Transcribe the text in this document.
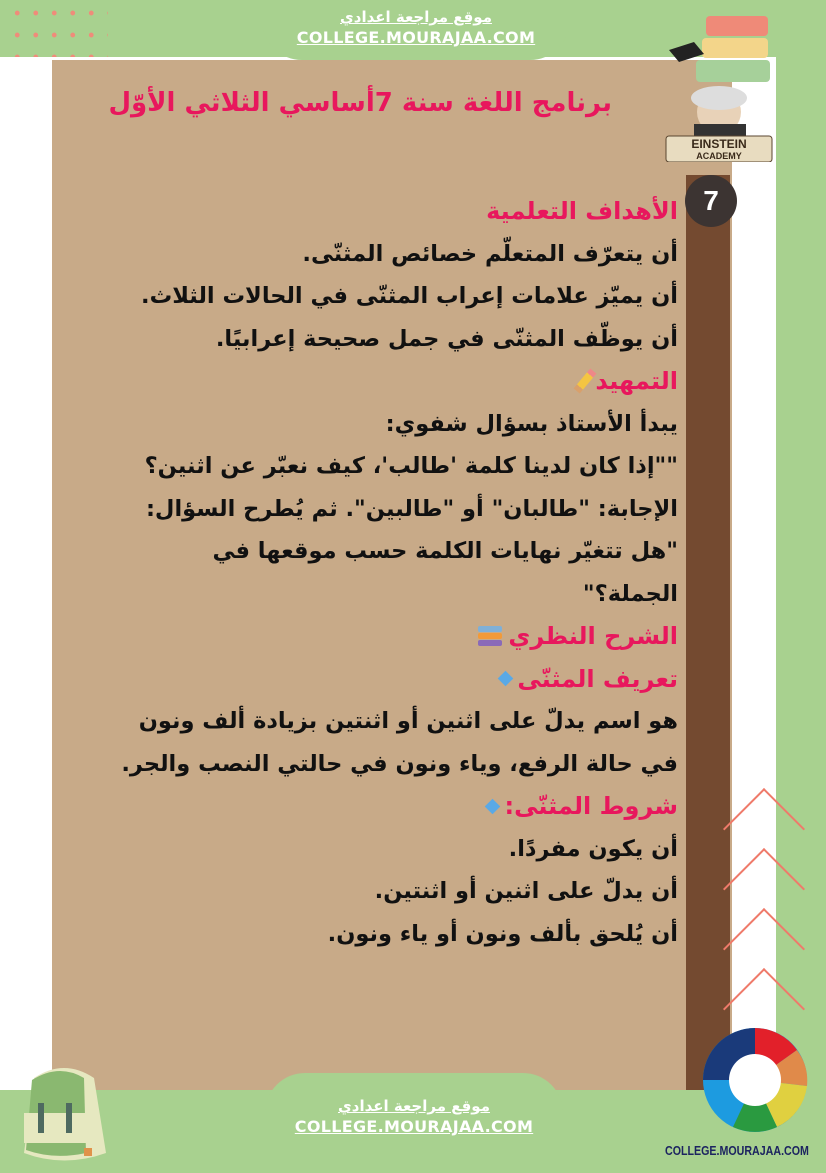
موقع مراجعة اعدادي
COLLEGE.MOURAJAA.COM
EINSTEIN
ACADEMY
7
برنامج اللغة سنة 7أساسي الثلاثي الأوّل
الأهداف التعلمية
أن يتعرّف المتعلّم خصائص المثنّى.
أن يميّز علامات إعراب المثنّى في الحالات الثلاث.
أن يوظّف المثنّى في جمل صحيحة إعرابيًا.
التمهيد
يبدأ الأستاذ بسؤال شفوي:
""إذا كان لدينا كلمة 'طالب'، كيف نعبّر عن اثنين؟
الإجابة: "طالبان" أو "طالبين". ثم يُطرح السؤال:
"هل تتغيّر نهايات الكلمة حسب موقعها في
الجملة؟"
الشرح النظري
تعريف المثنّى
هو اسم يدلّ على اثنين أو اثنتين بزيادة ألف ونون
في حالة الرفع، وياء ونون في حالتي النصب والجر.
شروط المثنّى:
أن يكون مفردًا.
أن يدلّ على اثنين أو اثنتين.
أن يُلحق بألف ونون أو ياء ونون.
موقع مراجعة اعدادي
COLLEGE.MOURAJAA.COM
COLLEGE.MOURAJAA.COM
